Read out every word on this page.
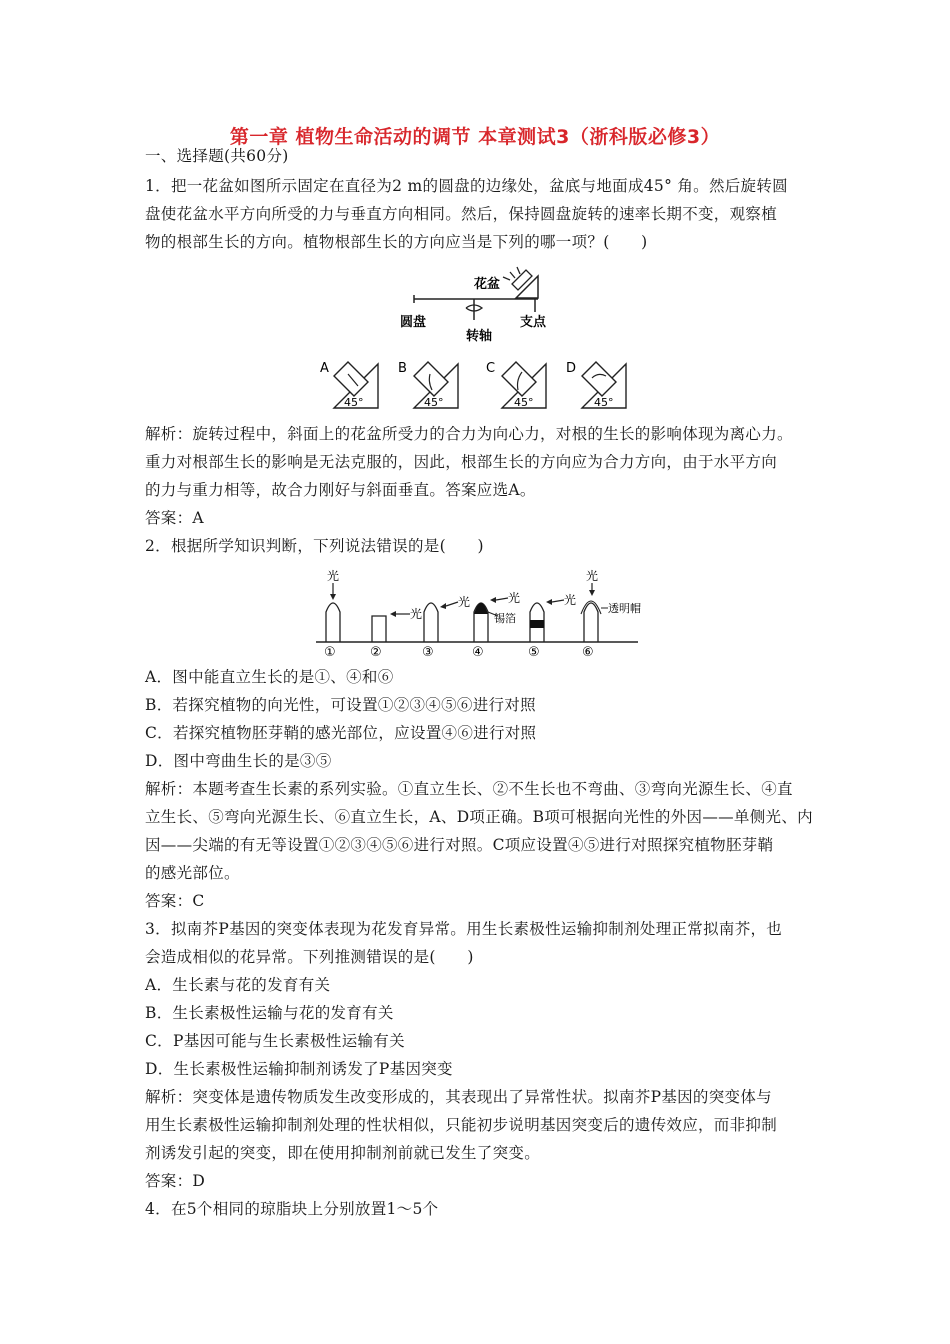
第一章 植物生命活动的调节 本章测试3（浙科版必修3）
一、选择题(共60分)
1．把一花盆如图所示固定在直径为2 m的圆盘的边缘处，盆底与地面成45° 角。然后旋转圆
盘使花盆水平方向所受的力与垂直方向相同。然后，保持圆盘旋转的速率长期不变，观察植
物的根部生长的方向。植物根部生长的方向应当是下列的哪一项？(　　)
花盆
圆盘
转轴
支点
A
45°
B
45°
C
45°
D
45°
解析：旋转过程中，斜面上的花盆所受力的合力为向心力，对根的生长的影响体现为离心力。
重力对根部生长的影响是无法克服的，因此，根部生长的方向应为合力方向，由于水平方向
的力与重力相等，故合力刚好与斜面垂直。答案应选A。
答案：A
2．根据所学知识判断，下列说法错误的是(　　)
光
①
光
②
光
③
光
锡箔
④
光
⑤
光
透明帽
⑥
A．图中能直立生长的是①、④和⑥
B．若探究植物的向光性，可设置①②③④⑤⑥进行对照
C．若探究植物胚芽鞘的感光部位，应设置④⑥进行对照
D．图中弯曲生长的是③⑤
解析：本题考查生长素的系列实验。①直立生长、②不生长也不弯曲、③弯向光源生长、④直
立生长、⑤弯向光源生长、⑥直立生长，A、D项正确。B项可根据向光性的外因——单侧光、内
因——尖端的有无等设置①②③④⑤⑥进行对照。C项应设置④⑤进行对照探究植物胚芽鞘
的感光部位。
答案：C
3．拟南芥P基因的突变体表现为花发育异常。用生长素极性运输抑制剂处理正常拟南芥，也
会造成相似的花异常。下列推测错误的是(　　)
A．生长素与花的发育有关
B．生长素极性运输与花的发育有关
C．P基因可能与生长素极性运输有关
D．生长素极性运输抑制剂诱发了P基因突变
解析：突变体是遗传物质发生改变形成的，其表现出了异常性状。拟南芥P基因的突变体与
用生长素极性运输抑制剂处理的性状相似，只能初步说明基因突变后的遗传效应，而非抑制
剂诱发引起的突变，即在使用抑制剂前就已发生了突变。
答案：D
4．在5个相同的琼脂块上分别放置1～5个
